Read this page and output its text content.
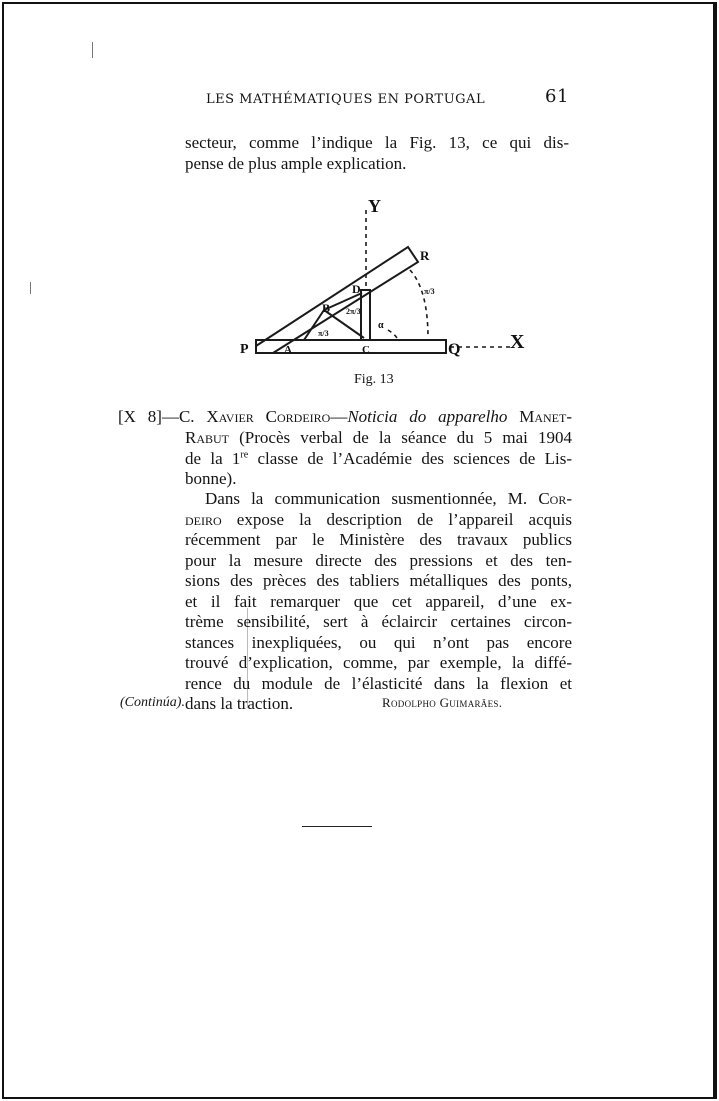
LES MATHÉMATIQUES EN PORTUGAL	61
secteur, comme l’indique la Fig. 13, ce qui dis-
pense de plus ample explication.
Y
R
D
B
P	A	C	Q X
π/3
π/3
2π/3
α
Fig. 13
[X 8]—C. Xavier Cordeiro—Noticia do apparelho Manet-
Rabut (Procès verbal de la séance du 5 mai 1904
de la 1re classe de l’Académie des sciences de Lis-
bonne).
Dans la communication susmentionnée, M. Cor-
deiro expose la description de l’appareil acquis
récemment par le Ministère des travaux publics
pour la mesure directe des pressions et des ten-
sions des prèces des tabliers métalliques des ponts,
et il fait remarquer que cet appareil, d’une ex-
trème sensibilité, sert à éclaircir certaines circon-
stances inexpliquées, ou qui n’ont pas encore
trouvé d’explication, comme, par exemple, la diffé-
rence du module de l’élasticité dans la flexion et
dans la traction.
(Continúa).	Rodolpho Guimarães.
